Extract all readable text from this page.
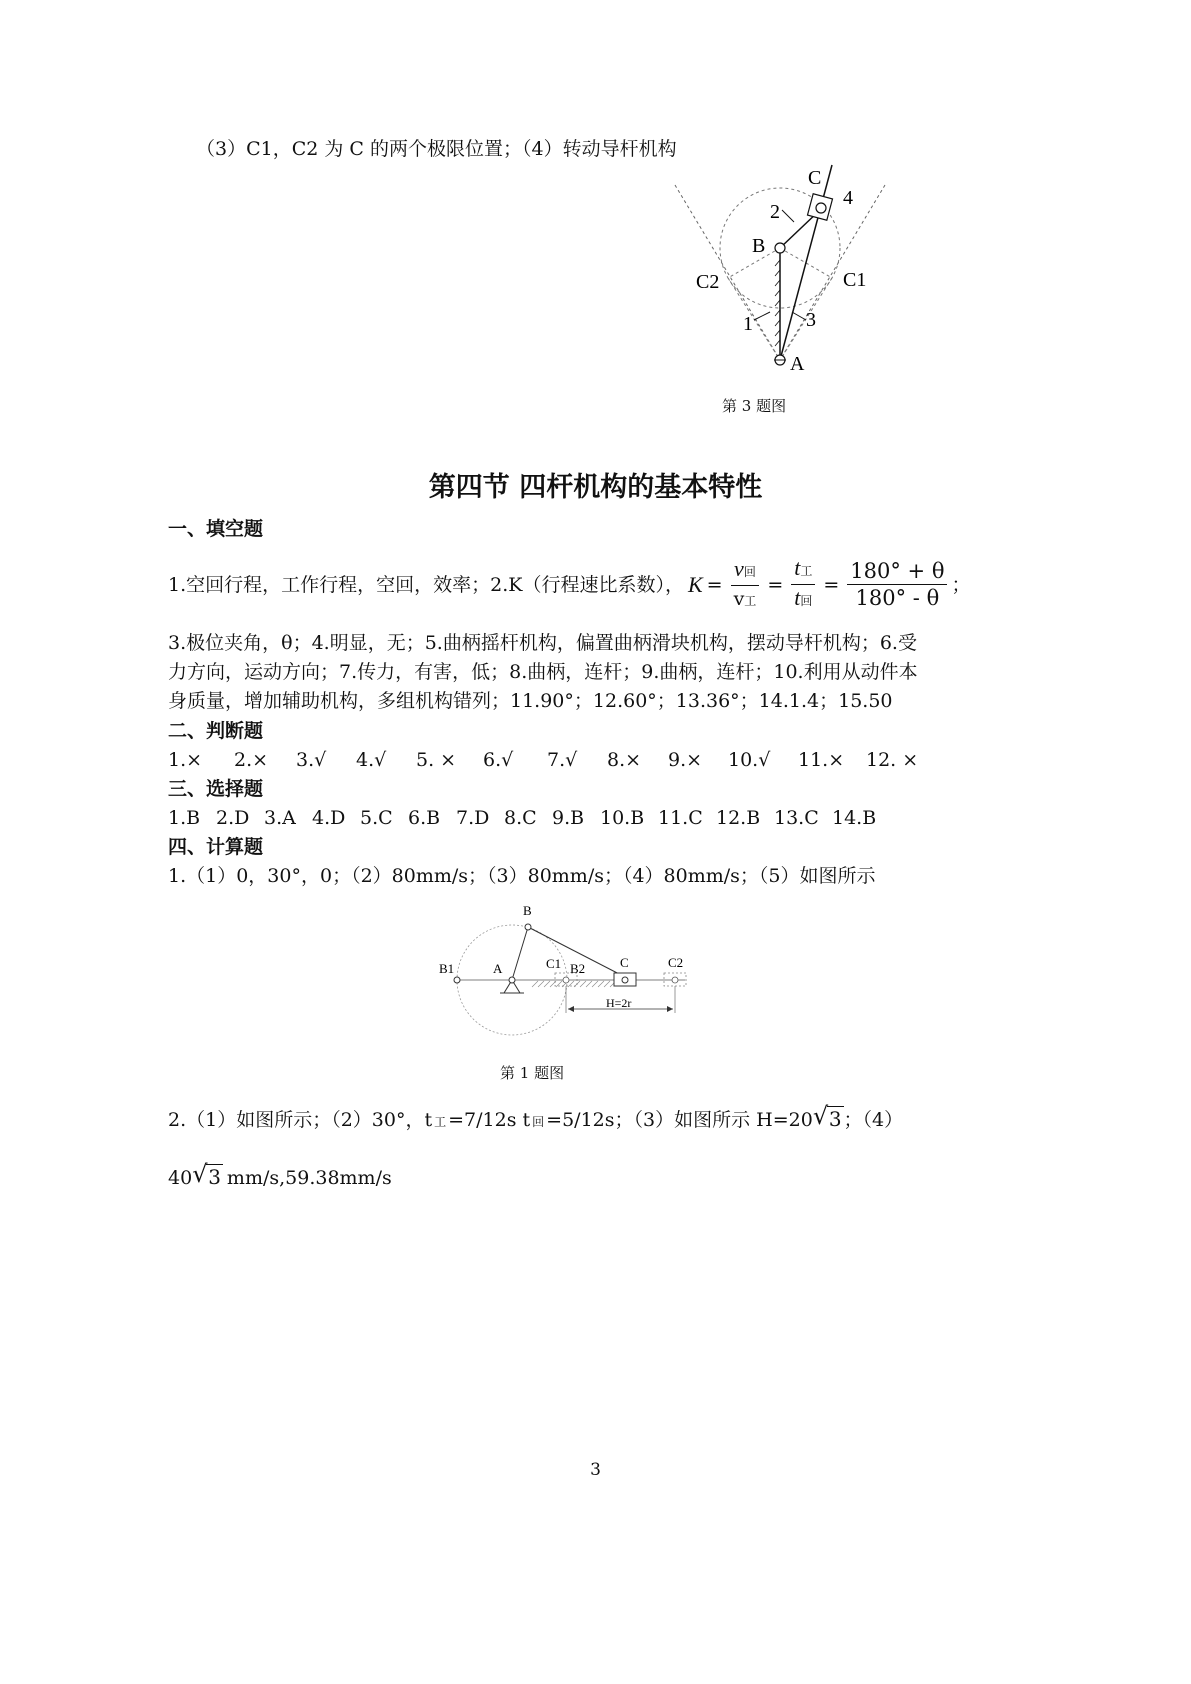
（3）C1，C2 为 C 的两个极限位置；（4）转动导杆机构
C
4
2
B
C2	C1
1	3
A
第 3 题图
第四节 四杆机构的基本特性
一、填空题
1.空回行程，工作行程，空回，效率；2.K（行程速比系数）， $K = \frac{\text{v回}}{\text{v工}} = \frac{\text{t工}}{\text{t回}} = \frac{180^\circ + \theta}{180^\circ - \theta}$ ；
3.极位夹角，θ；4.明显，无；5.曲柄摇杆机构，偏置曲柄滑块机构，摆动导杆机构；6.受
力方向，运动方向；7.传力，有害，低；8.曲柄，连杆；9.曲柄，连杆；10.利用从动件本
身质量，增加辅助机构，多组机构错列；11.90°；12.60°；13.36°；14.1.4；15.50
二、判断题
1.×	2.×	3.√	4.√	5. ×	6.√	7.√	8.×	9.×	10.√	11.×	12. ×
三、选择题
1.B 2.D 3.A 4.D 5.C 6.B 7.D 8.C 9.B 10.B 11.C 12.B 13.C 14.B
四、计算题
1.（1）0，30°，0；（2）80mm/s；（3）80mm/s；（4）80mm/s；（5）如图所示
B
B1	A	C1 B2	C	C2
H=2r
第 1 题图
2.（1）如图所示；（2）30°，t 工 =7/12s t 回 =5/12s；（3）如图所示 H=20 √ 3 ；（4）
40 √ 3 mm/s,59.38mm/s
3
